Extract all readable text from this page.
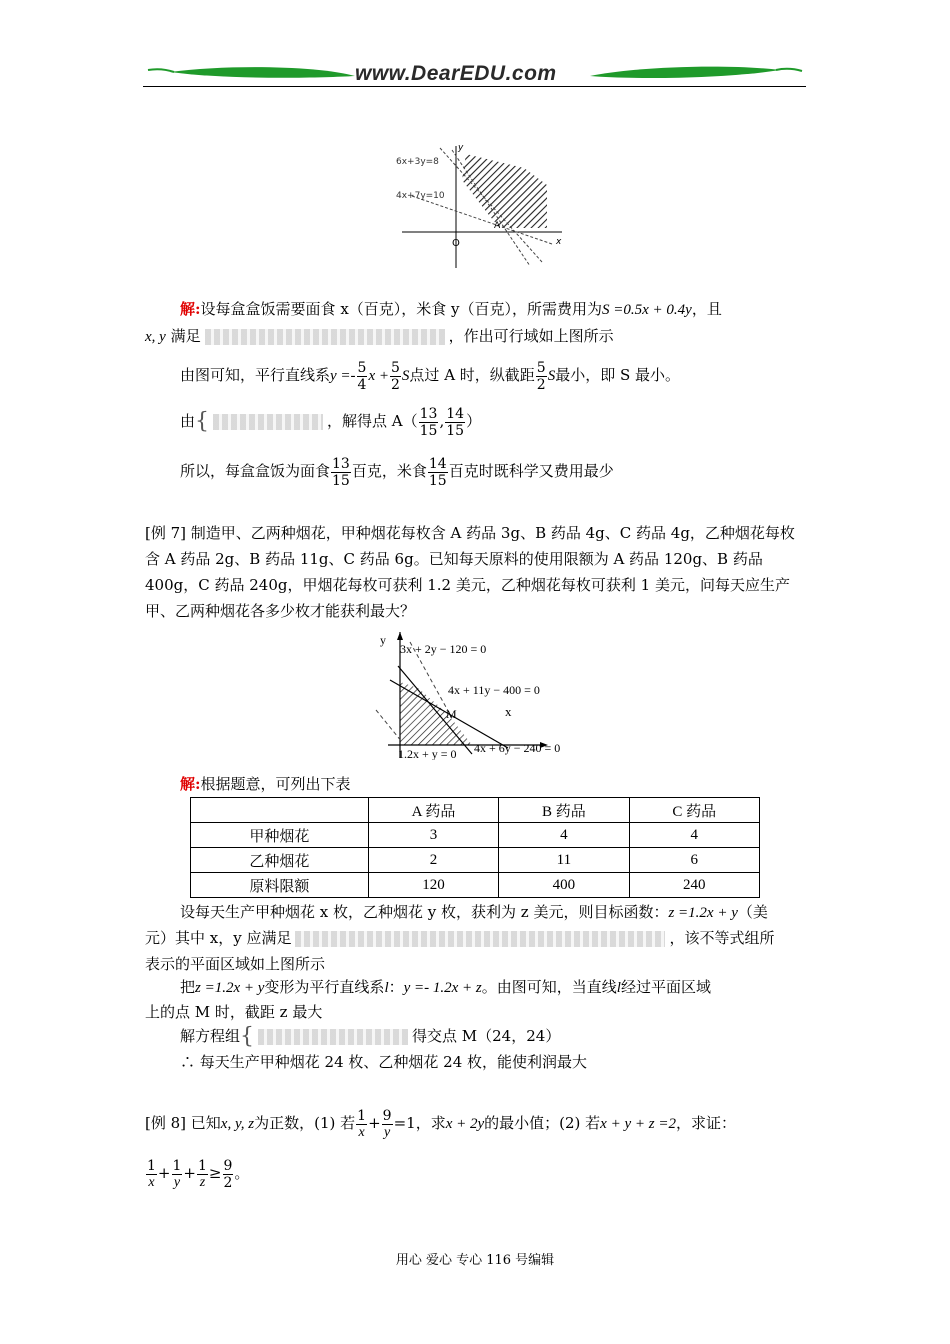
www.DearEDU.com
6x+3y=8
4x+7y=10
y
x
O
A
解:设每盒盒饭需要面食 x（百克），米食 y（百克），所需费用为S =0.5x + 0.4y，且
x, y 满足	，作出可行域如上图所示
由图可知，平行直线系$y =- \frac{5}{4}$ $x + \frac{5}{2}$ S点过 A 时，纵截距 $\frac{5}{2}$ S最小，即 S 最小。
由{	，解得点 $A( \frac{13}{15}$ , $\frac{14}{15}$ ）
所以，每盒盒饭为面食 $\frac{13}{15}$ 百克，米食 $\frac{14}{15}$ 百克时既科学又费用最少
[例 7] 制造甲、乙两种烟花，甲种烟花每枚含 A 药品 3g、B 药品 4g、C 药品 4g，乙种烟花每枚
含 A 药品 2g、B 药品 11g、C 药品 6g。已知每天原料的使用限额为 A 药品 120g、B 药品
400g，C 药品 240g，甲烟花每枚可获利 1.2 美元，乙种烟花每枚可获利 1 美元，问每天应生产
甲、乙两种烟花各多少枚才能获利最大？
y
x
3x + 2y − 120 = 0
4x + 11y − 400 = 0
4x + 6y − 240 = 0
1.2x + y = 0
M
解:根据题意，可列出下表
	A 药品	B 药品	C 药品
甲种烟花	3	4	4
乙种烟花	2	11	6
原料限额	120	400	240
设每天生产甲种烟花 x 枚，乙种烟花 y 枚，获利为 z 美元，则目标函数：z =1.2x + y（美
元）其中 x，y 应满足	，该不等式组所
表示的平面区域如上图所示
把z =1.2x + y变形为平行直线系l：y =- 1.2x + z。由图可知，当直线l经过平面区域
上的点 M 时，截距 z 最大
解方程组{	得交点 M（24，24）
∴ 每天生产甲种烟花 24 枚、乙种烟花 24 枚，能使利润最大
[例 8] 已知x, y, z为正数，(1) 若 $\frac{1}{x} + \frac{9}{y} =1$，求x + 2y的最小值；(2) 若x + y + z =2，求证：
$\frac{1}{x} + \frac{1}{y} + \frac{1}{z} \ge \frac{9}{2}$ 。
用心 爱心 专心 116 号编辑
